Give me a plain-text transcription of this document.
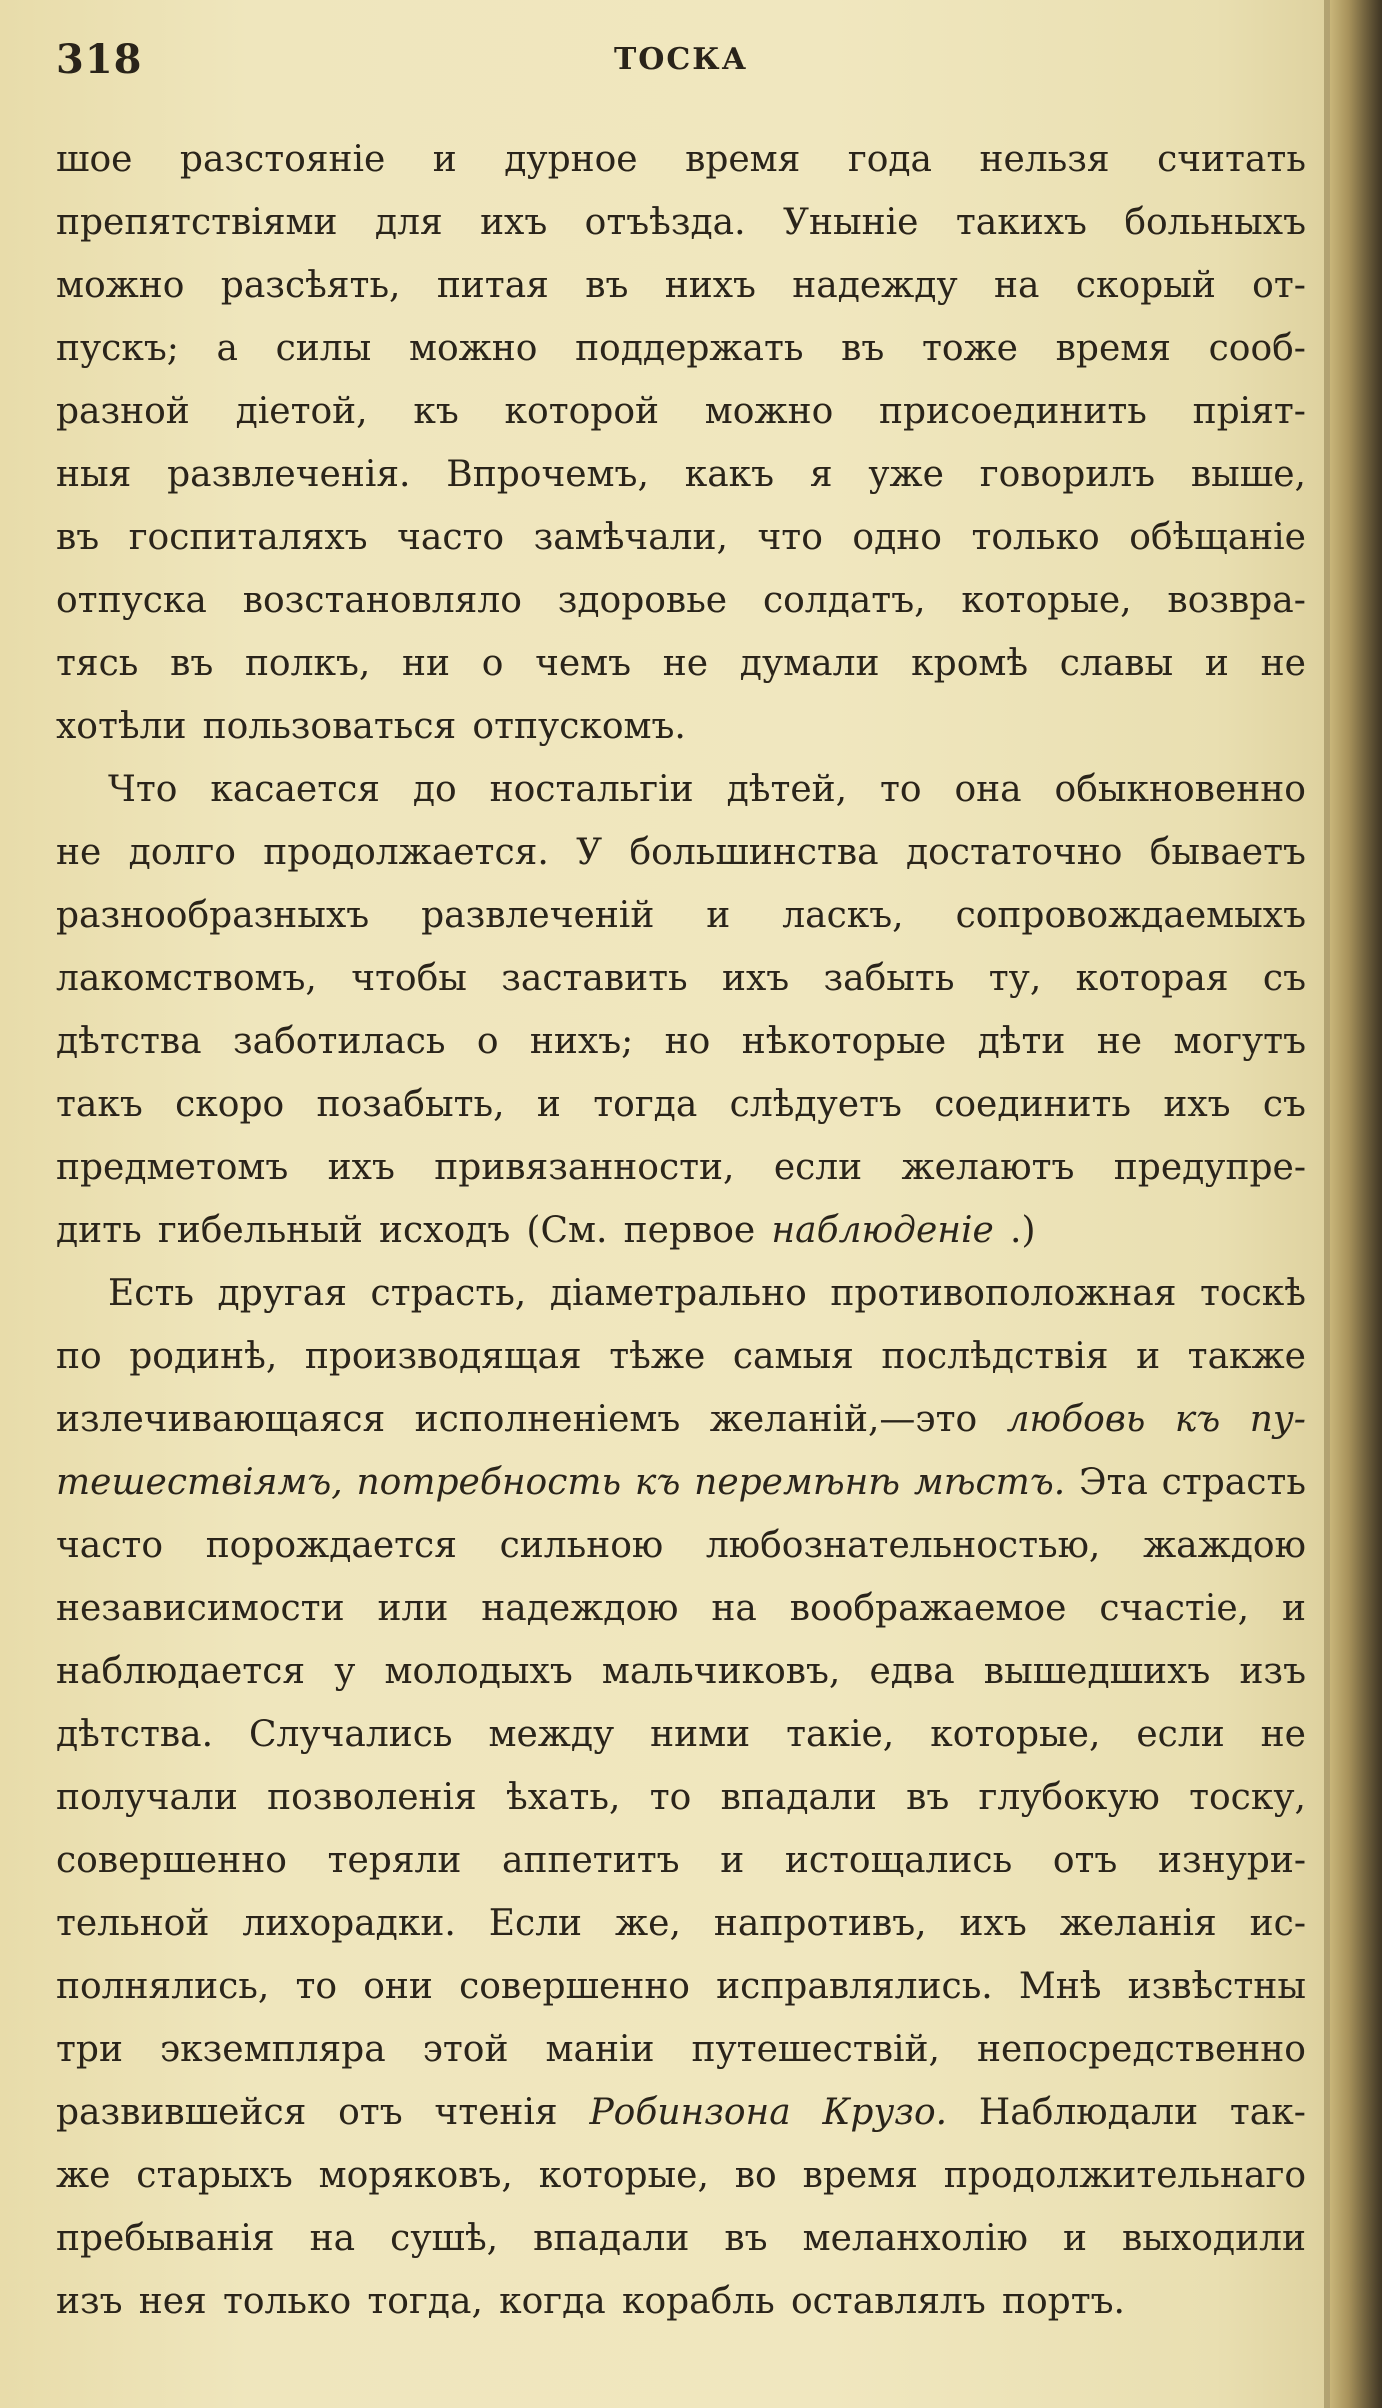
318	ТОСКА
шое разстояніе и дурное время года нельзя считать
препятствіями для ихъ отъѣзда. Уныніе такихъ больныхъ
можно разсѣять, питая въ нихъ надежду на скорый от-
пускъ; а силы можно поддержать въ тоже время сооб-
разной діетой, къ которой можно присоединить пріят-
ныя развлеченія. Впрочемъ, какъ я уже говорилъ выше,
въ госпиталяхъ часто замѣчали, что одно только обѣщаніе
отпуска возстановляло здоровье солдатъ, которые, возвра-
тясь въ полкъ, ни о чемъ не думали кромѣ славы и не
хотѣли пользоваться отпускомъ.
Что касается до ностальгіи дѣтей, то она обыкновенно
не долго продолжается. У большинства достаточно бываетъ
разнообразныхъ развлеченій и ласкъ, сопровождаемыхъ
лакомствомъ, чтобы заставить ихъ забыть ту, которая съ
дѣтства заботилась о нихъ; но нѣкоторые дѣти не могутъ
такъ скоро позабыть, и тогда слѣдуетъ соединить ихъ съ
предметомъ ихъ привязанности, если желаютъ предупре-
дить гибельный исходъ (См. первое наблюденіе .)
Есть другая страсть, діаметрально противоположная тоскѣ
по родинѣ, производящая тѣже самыя послѣдствія и также
излечивающаяся исполненіемъ желаній,—это любовь къ пу-
тешествіямъ, потребность къ перемѣнѣ мѣстъ. Эта страсть
часто порождается сильною любознательностью, жаждою
независимости или надеждою на воображаемое счастіе, и
наблюдается у молодыхъ мальчиковъ, едва вышедшихъ изъ
дѣтства. Случались между ними такіе, которые, если не
получали позволенія ѣхать, то впадали въ глубокую тоску,
совершенно теряли аппетитъ и истощались отъ изнури-
тельной лихорадки. Если же, напротивъ, ихъ желанія ис-
полнялись, то они совершенно исправлялись. Мнѣ извѣстны
три экземпляра этой маніи путешествій, непосредственно
развившейся отъ чтенія Робинзона Крузо. Наблюдали так-
же старыхъ моряковъ, которые, во время продолжительнаго
пребыванія на сушѣ, впадали въ меланхолію и выходили
изъ нея только тогда, когда корабль оставлялъ портъ.
